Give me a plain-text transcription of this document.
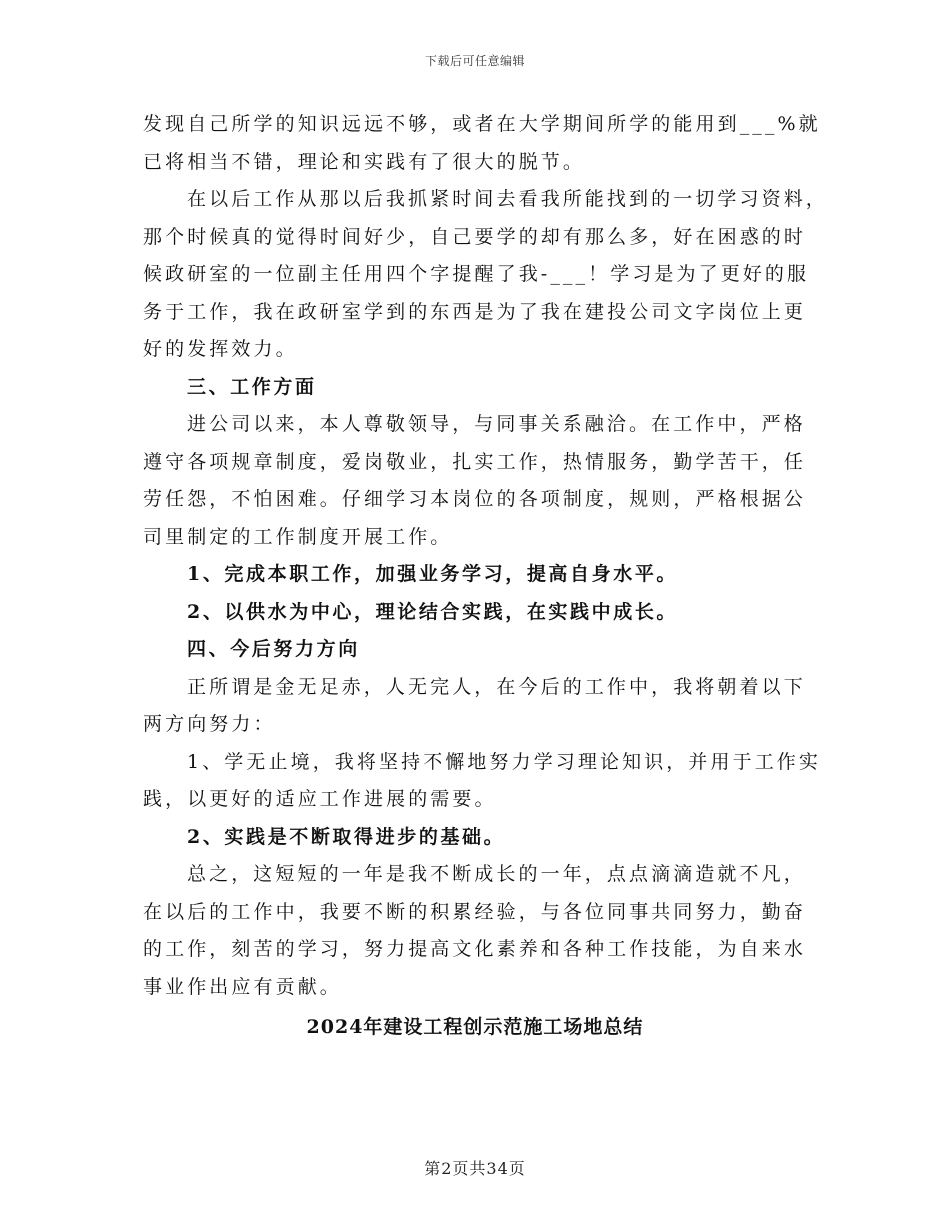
下载后可任意编辑

发现自己所学的知识远远不够，或者在大学期间所学的能用到___%就

已将相当不错，理论和实践有了很大的脱节。

在以后工作从那以后我抓紧时间去看我所能找到的一切学习资料，

那个时候真的觉得时间好少，自己要学的却有那么多，好在困惑的时

候政研室的一位副主任用四个字提醒了我-___！学习是为了更好的服

务于工作，我在政研室学到的东西是为了我在建投公司文字岗位上更

好的发挥效力。

三、工作方面

进公司以来，本人尊敬领导，与同事关系融洽。在工作中，严格

遵守各项规章制度，爱岗敬业，扎实工作，热情服务，勤学苦干，任

劳任怨，不怕困难。仔细学习本岗位的各项制度，规则，严格根据公

司里制定的工作制度开展工作。

1、完成本职工作，加强业务学习，提高自身水平。

2、以供水为中心，理论结合实践，在实践中成长。

四、今后努力方向

正所谓是金无足赤，人无完人，在今后的工作中，我将朝着以下

两方向努力：

1、学无止境，我将坚持不懈地努力学习理论知识，并用于工作实

践，以更好的适应工作进展的需要。

2、实践是不断取得进步的基础。

总之，这短短的一年是我不断成长的一年，点点滴滴造就不凡，

在以后的工作中，我要不断的积累经验，与各位同事共同努力，勤奋

的工作，刻苦的学习，努力提高文化素养和各种工作技能，为自来水

事业作出应有贡献。

2024年建设工程创示范施工场地总结
第2页共34页
